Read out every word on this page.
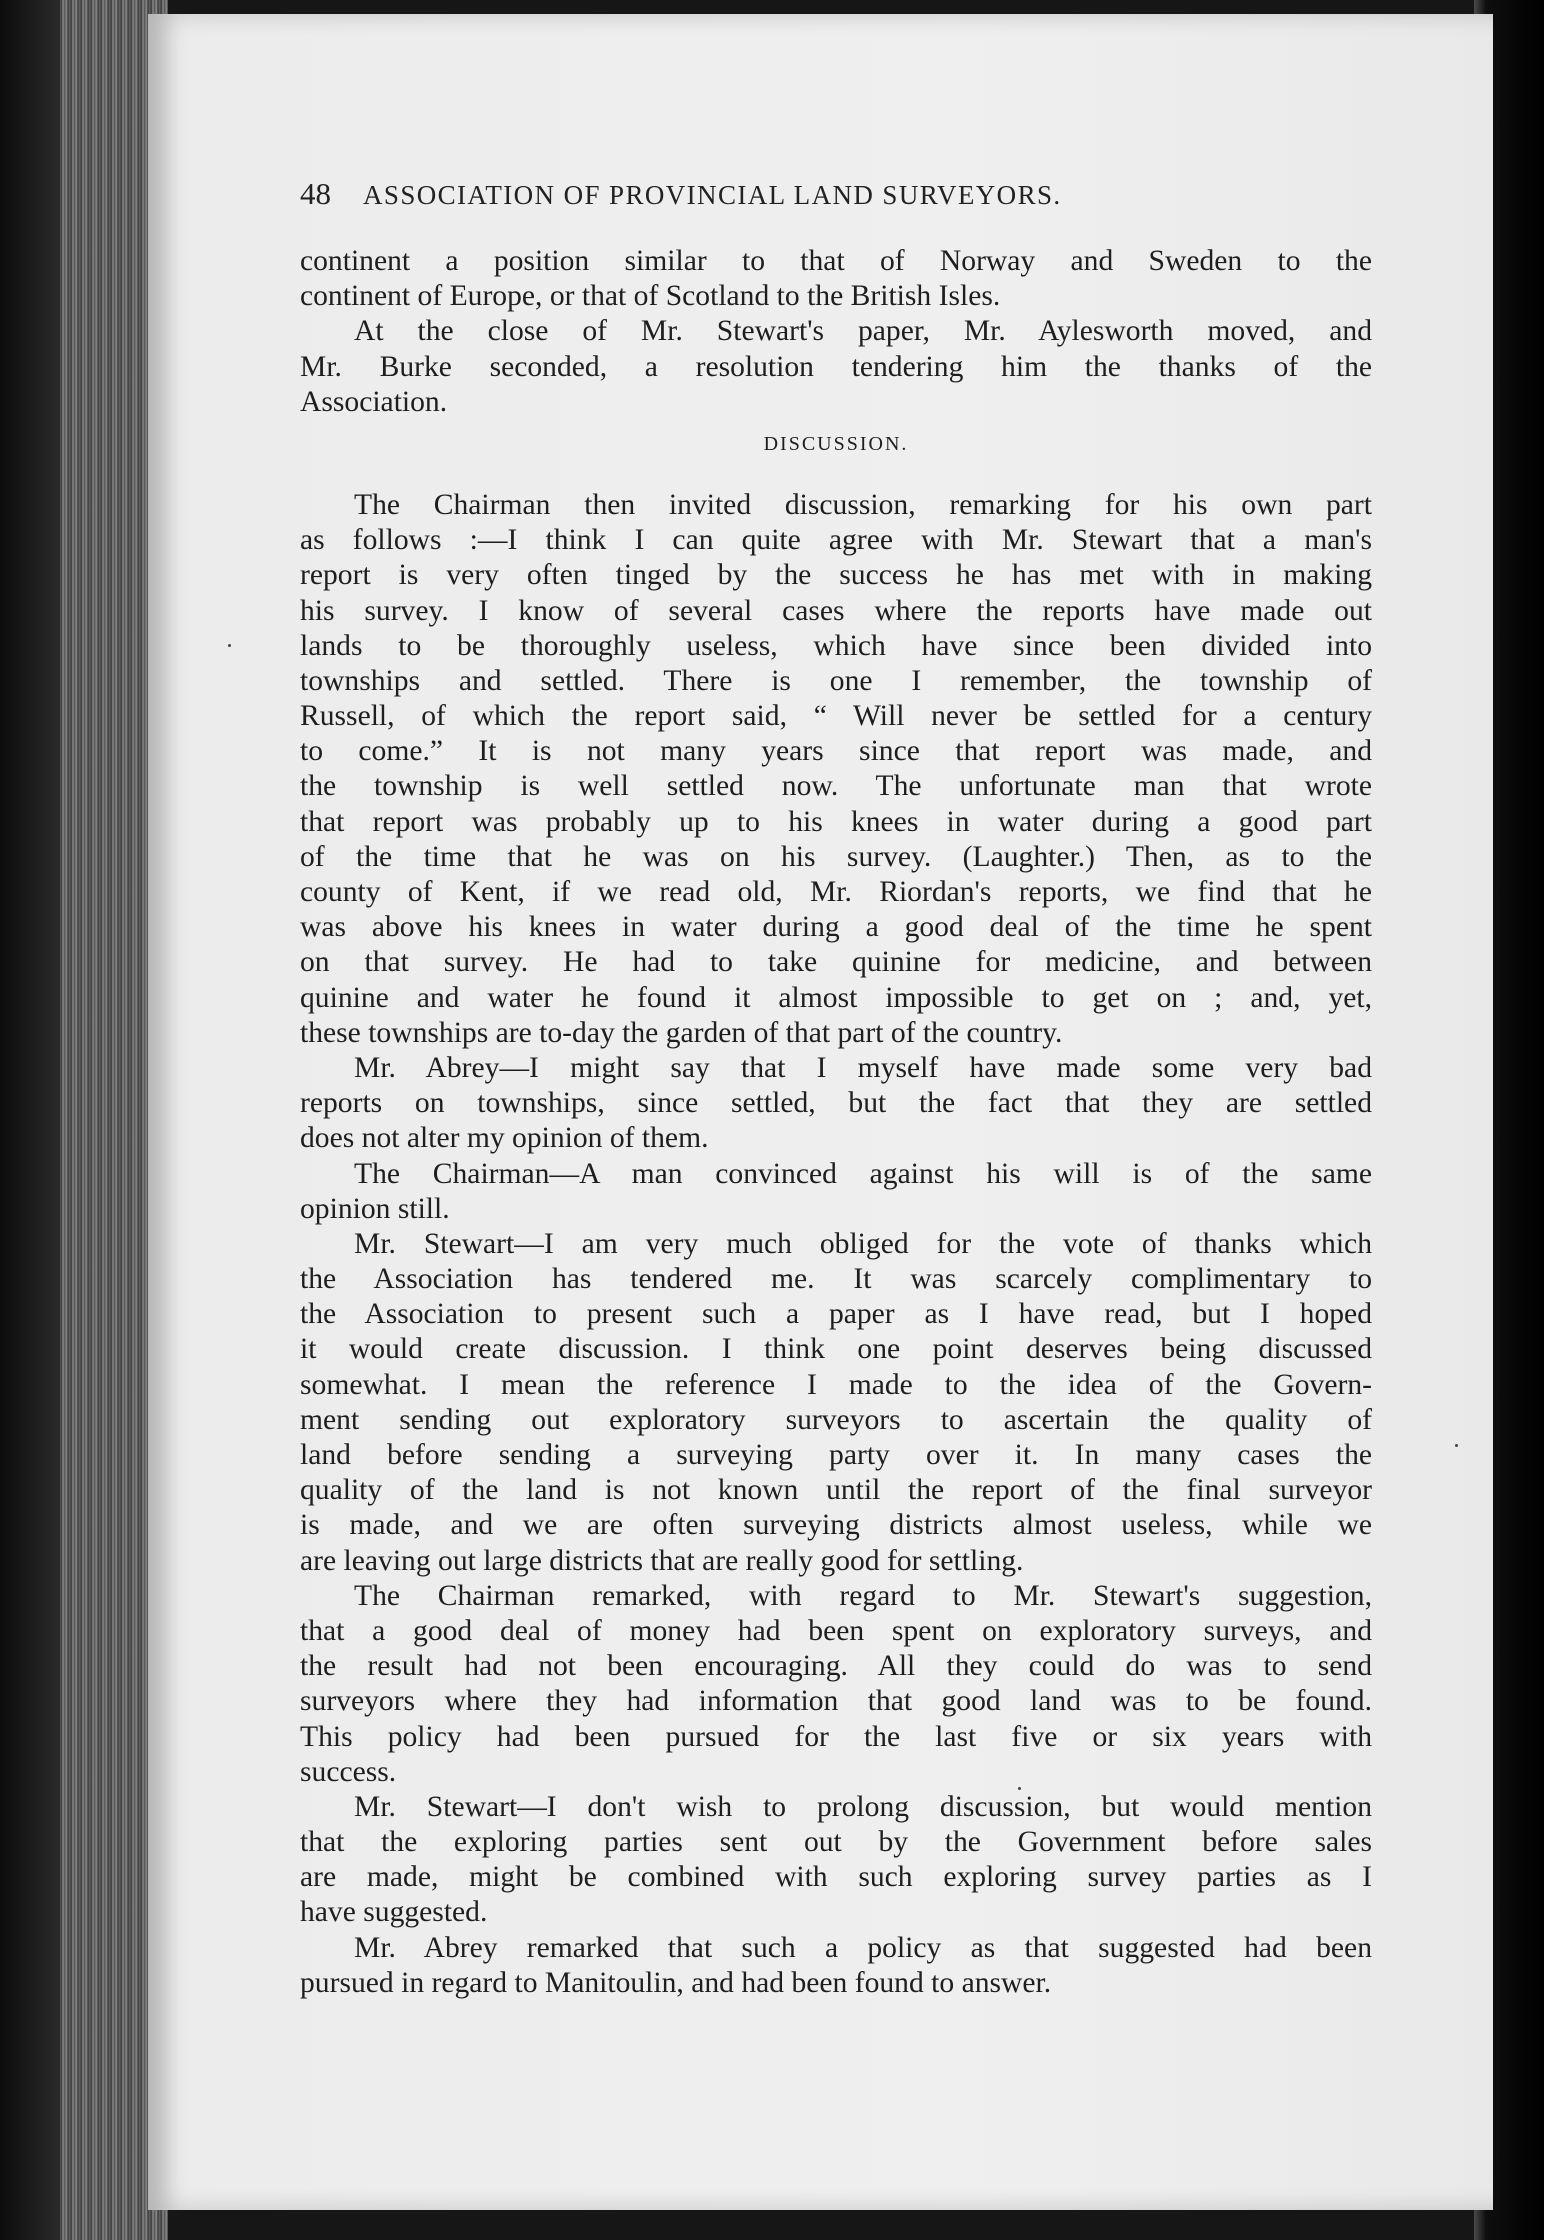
48 ASSOCIATION OF PROVINCIAL LAND SURVEYORS.
continent a position similar to that of Norway and Sweden to the
continent of Europe, or that of Scotland to the British Isles.
At the close of Mr. Stewart's paper, Mr. Aylesworth moved, and
Mr. Burke seconded, a resolution tendering him the thanks of the
Association.
DISCUSSION.
The Chairman then invited discussion, remarking for his own part
as follows :—I think I can quite agree with Mr. Stewart that a man's
report is very often tinged by the success he has met with in making
his survey. I know of several cases where the reports have made out
lands to be thoroughly useless, which have since been divided into
townships and settled. There is one I remember, the township of
Russell, of which the report said, “ Will never be settled for a century
to come.” It is not many years since that report was made, and
the township is well settled now. The unfortunate man that wrote
that report was probably up to his knees in water during a good part
of the time that he was on his survey. (Laughter.) Then, as to the
county of Kent, if we read old, Mr. Riordan's reports, we find that he
was above his knees in water during a good deal of the time he spent
on that survey. He had to take quinine for medicine, and between
quinine and water he found it almost impossible to get on ; and, yet,
these townships are to-day the garden of that part of the country.
Mr. Abrey—I might say that I myself have made some very bad
reports on townships, since settled, but the fact that they are settled
does not alter my opinion of them.
The Chairman—A man convinced against his will is of the same
opinion still.
Mr. Stewart—I am very much obliged for the vote of thanks which
the Association has tendered me. It was scarcely complimentary to
the Association to present such a paper as I have read, but I hoped
it would create discussion. I think one point deserves being discussed
somewhat. I mean the reference I made to the idea of the Govern-
ment sending out exploratory surveyors to ascertain the quality of
land before sending a surveying party over it. In many cases the
quality of the land is not known until the report of the final surveyor
is made, and we are often surveying districts almost useless, while we
are leaving out large districts that are really good for settling.
The Chairman remarked, with regard to Mr. Stewart's suggestion,
that a good deal of money had been spent on exploratory surveys, and
the result had not been encouraging. All they could do was to send
surveyors where they had information that good land was to be found.
This policy had been pursued for the last five or six years with
success.
Mr. Stewart—I don't wish to prolong discussion, but would mention
that the exploring parties sent out by the Government before sales
are made, might be combined with such exploring survey parties as I
have suggested.
Mr. Abrey remarked that such a policy as that suggested had been
pursued in regard to Manitoulin, and had been found to answer.
